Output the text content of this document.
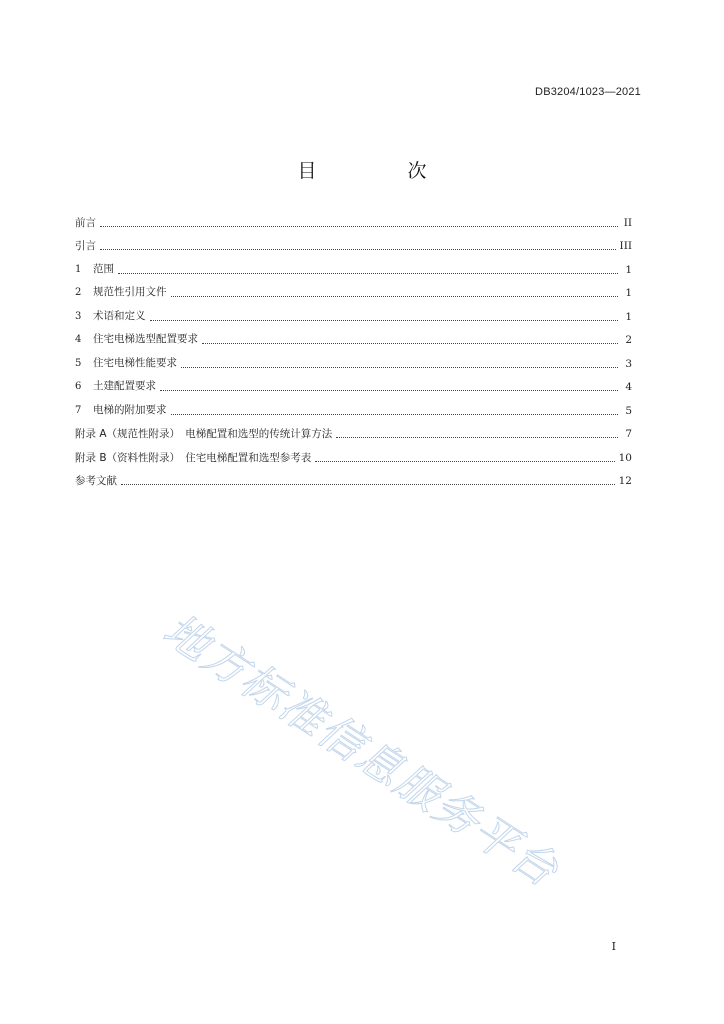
DB3204/1023—2021
目　次
前言	II
引言	III
1 范围	1
2 规范性引用文件	1
3 术语和定义	1
4 住宅电梯选型配置要求	2
5 住宅电梯性能要求	3
6 土建配置要求	4
7 电梯的附加要求	5
附录 A（规范性附录）　电梯配置和选型的传统计算方法	7
附录 B（资料性附录）　住宅电梯配置和选型参考表	10
参考文献	12
地方标准信息服务平台
I
